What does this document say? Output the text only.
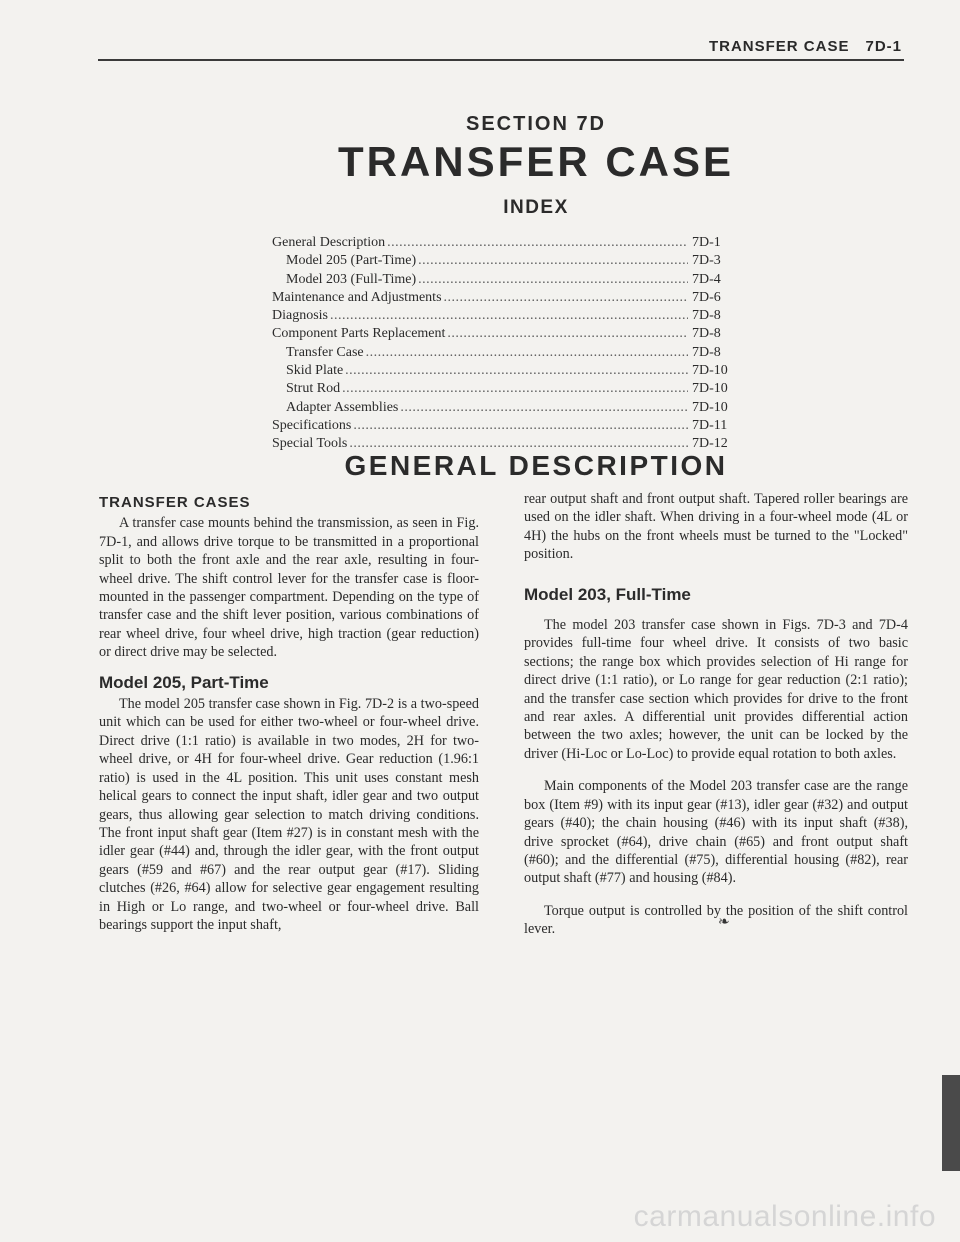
TRANSFER CASE 7D-1
SECTION 7D
TRANSFER CASE
INDEX
General Description .....	7D-1
Model 205 (Part-Time) .....	7D-3
Model 203 (Full-Time) .....	7D-4
Maintenance and Adjustments .....	7D-6
Diagnosis .....	7D-8
Component Parts Replacement .....	7D-8
Transfer Case .....	7D-8
Skid Plate .....	7D-10
Strut Rod .....	7D-10
Adapter Assemblies .....	7D-10
Specifications .....	7D-11
Special Tools .....	7D-12
GENERAL DESCRIPTION
TRANSFER CASES

A transfer case mounts behind the transmission, as seen in Fig. 7D-1, and allows drive torque to be transmitted in a proportional split to both the front axle and the rear axle, resulting in four-wheel drive. The shift control lever for the transfer case is floor-mounted in the passenger compartment. Depending on the type of transfer case and the shift lever position, various combinations of rear wheel drive, four wheel drive, high traction (gear reduction) or direct drive may be selected.

Model 205, Part-Time

The model 205 transfer case shown in Fig. 7D-2 is a two-speed unit which can be used for either two-wheel or four-wheel drive. Direct drive (1:1 ratio) is available in two modes, 2H for two-wheel drive, or 4H for four-wheel drive. Gear reduction (1.96:1 ratio) is used in the 4L position. This unit uses constant mesh helical gears to connect the input shaft, idler gear and two output gears, thus allowing gear selection to match driving conditions. The front input shaft gear (Item #27) is in constant mesh with the idler gear (#44) and, through the idler gear, with the front output gears (#59 and #67) and the rear output gear (#17). Sliding clutches (#26, #64) allow for selective gear engagement resulting in High or Lo range, and two-wheel or four-wheel drive. Ball bearings support the input shaft,

rear output shaft and front output shaft. Tapered roller bearings are used on the idler shaft. When driving in a four-wheel mode (4L or 4H) the hubs on the front wheels must be turned to the "Locked" position.

Model 203, Full-Time

The model 203 transfer case shown in Figs. 7D-3 and 7D-4 provides full-time four wheel drive. It consists of two basic sections; the range box which provides selection of Hi range for direct drive (1:1 ratio), or Lo range for gear reduction (2:1 ratio); and the transfer case section which provides for drive to the front and rear axles. A differential unit provides differential action between the two axles; however, the unit can be locked by the driver (Hi-Loc or Lo-Loc) to provide equal rotation to both axles.

Main components of the Model 203 transfer case are the range box (Item #9) with its input gear (#13), idler gear (#32) and output gears (#40); the chain housing (#46) with its input shaft (#38), drive sprocket (#64), drive chain (#65) and front output shaft (#60); and the differential (#75), differential housing (#82), rear output shaft (#77) and housing (#84).

Torque output is controlled by the position of the shift control lever.	❧
carmanualsonline.info
